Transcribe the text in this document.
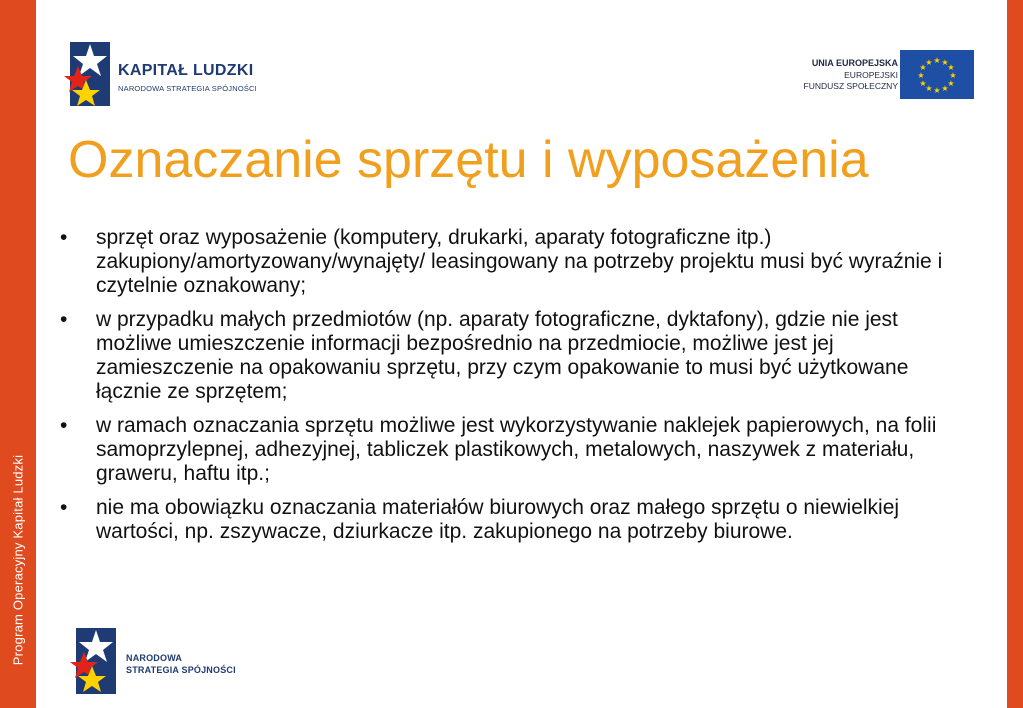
Program Operacyjny Kapitał Ludzki
KAPITAŁ LUDZKI
NARODOWA STRATEGIA SPÓJNOŚCI
UNIA EUROPEJSKA
EUROPEJSKI
FUNDUSZ SPOŁECZNY
★ ★
★
★
★
★
★
★
★
★
★
★
Oznaczanie sprzętu i wyposażenia
• sprzęt oraz wyposażenie (komputery, drukarki, aparaty fotograficzne itp.) zakupiony/amortyzowany/wynajęty/ leasingowany na potrzeby projektu musi być wyraźnie i czytelnie oznakowany;
• w przypadku małych przedmiotów (np. aparaty fotograficzne, dyktafony), gdzie nie jest możliwe umieszczenie informacji bezpośrednio na przedmiocie, możliwe jest jej zamieszczenie na opakowaniu sprzętu, przy czym opakowanie to musi być użytkowane łącznie ze sprzętem;
• w ramach oznaczania sprzętu możliwe jest wykorzystywanie naklejek papierowych, na folii samoprzylepnej, adhezyjnej, tabliczek plastikowych, metalowych, naszywek z materiału, graweru, haftu itp.;
• nie ma obowiązku oznaczania materiałów biurowych oraz małego sprzętu o niewielkiej wartości, np. zszywacze, dziurkacze itp. zakupionego na potrzeby biurowe.
NARODOWA
STRATEGIA SPÓJNOŚCI
